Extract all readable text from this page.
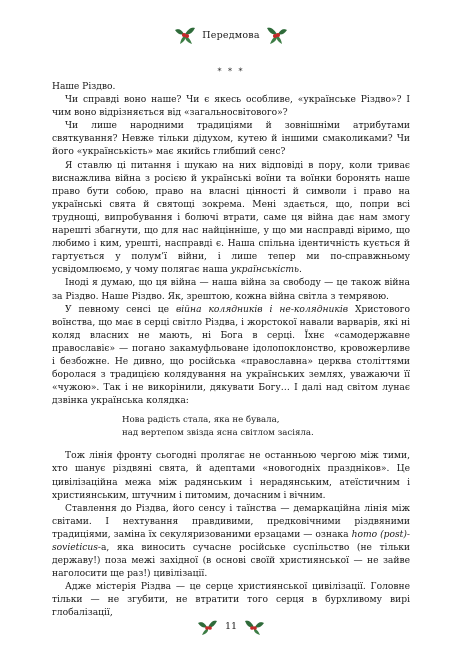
Передмова
* * *

Наше Різдво.

Чи справді воно наше? Чи є якесь особливе, «українське Різдво»? І чим воно відрізняється від «загальносвітового»?

Чи лише народними традиціями й зовнішніми атрибутами святкування? Невже тільки дідухом, кутею й іншими смаколиками? Чи його «українськість» має якийсь глибший сенс?

Я ставлю ці питання і шукаю на них відповіді в пору, коли триває виснажлива війна з росією й українські воїни та воїнки боронять наше право бути собою, право на власні цінності й символи і право на українські свята й святощі зокрема. Мені здається, що, попри всі труднощі, випробування і болючі втрати, саме ця війна дає нам змогу нарешті збагнути, що для нас найцінніше, у що ми насправді віримо, що любимо і ким, урешті, насправді є. Наша спільна ідентичність кується й гартується у полум’ї війни, і лише тепер ми по-справжньому усвідомлюємо, у чому полягає наша українськість.

Іноді я думаю, що ця війна — наша війна за свободу — це також війна за Різдво. Наше Різдво. Як, зрештою, кожна війна світла з темрявою.

У певному сенсі це війна колядників і не-колядників Христового воїнства, що має в серці світло Різдва, і жорстокої навали варварів, які ні коляд власних не мають, ні Бога в серці. Їхнє «самодержавне православіє» — погано закамуфльоване ідолопоклонство, кровожерливе і безбожне. Не дивно, що російська «православна» церква століттями боролася з традицією колядування на українських землях, уважаючи її «чужою». Так і не викорінили, дякувати Богу… І далі над світом лунає дзвінка українська колядка:

Нова радість стала, яка не бувала,
над вертепом звізда ясна світлом засіяла.

Тож лінія фронту сьогодні пролягає не останньою чергою між тими, хто шанує різдвяні свята, й адептами «новогодніх праздніков». Це цивілізаційна межа між радянським і нерадянським, атеїстичним і християнським, штучним і питомим, дочасним і вічним.

Ставлення до Різдва, його сенсу і таїнства — демаркаційна лінія між світами. І нехтування правдивими, предковічними різдвяними традиціями, заміна їх секуляризованими ерзацами — ознака homo (post)-sovieticus-а, яка виносить сучасне російське суспільство (не тільки державу!) поза межі західної (в основі своїй християнської — не зайве наголосити ще раз!) цивілізації.

Адже містерія Різдва — це серце християнської цивілізації. Головне тільки — не згубити, не втратити того серця в бурхливому вирі глобалізації,

11
